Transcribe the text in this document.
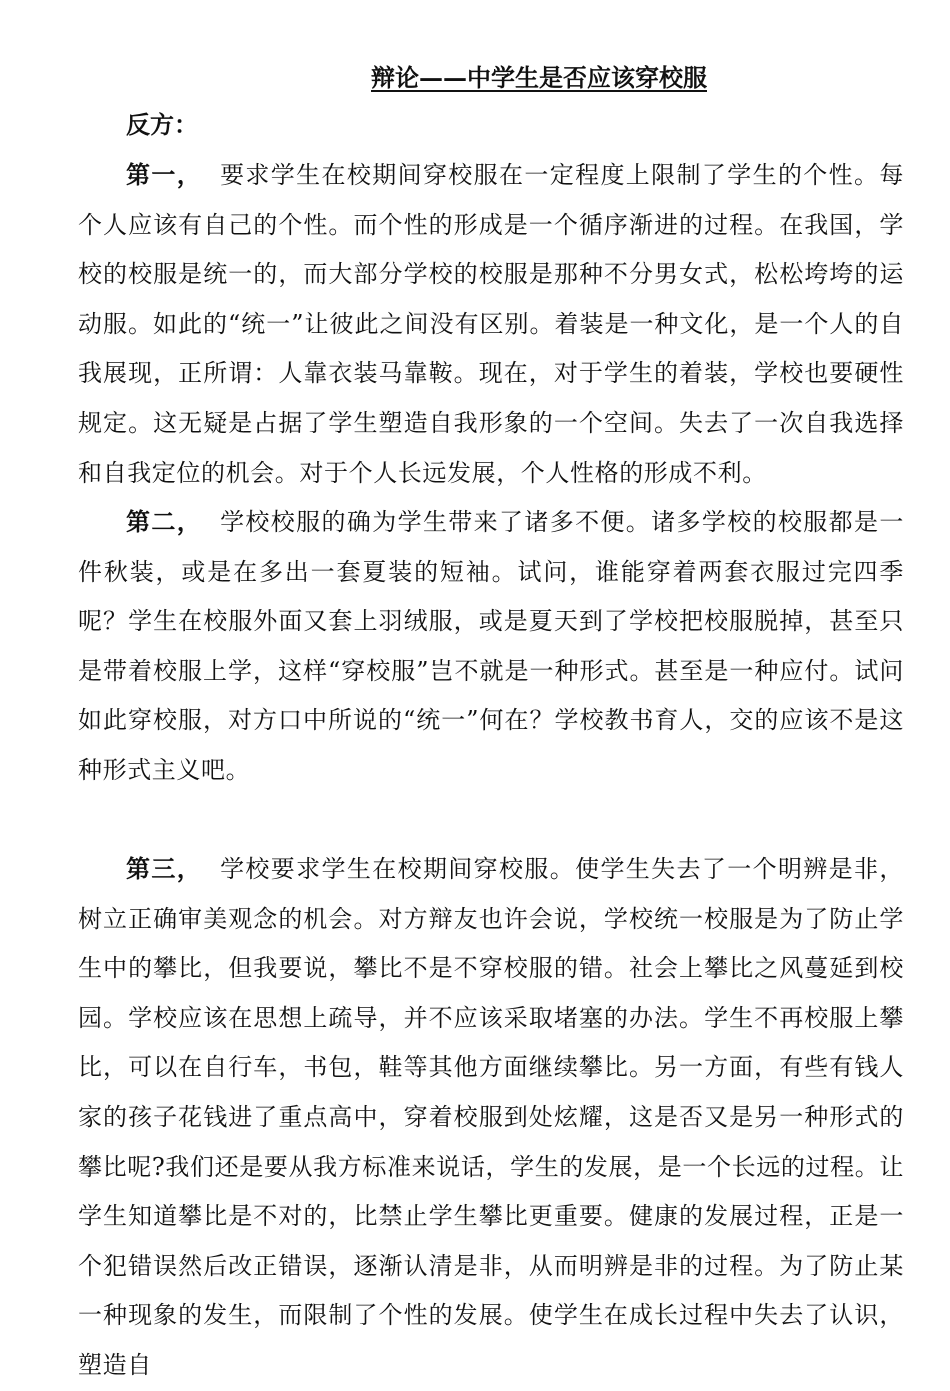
辩论——中学生是否应该穿校服

反方：

第一， 要求学生在校期间穿校服在一定程度上限制了学生的个性。每个人应该有自己的个性。而个性的形成是一个循序渐进的过程。在我国，学校的校服是统一的，而大部分学校的校服是那种不分男女式，松松垮垮的运动服。如此的“统一”让彼此之间没有区别。着装是一种文化，是一个人的自我展现，正所谓：人靠衣装马靠鞍。现在，对于学生的着装，学校也要硬性规定。这无疑是占据了学生塑造自我形象的一个空间。失去了一次自我选择和自我定位的机会。对于个人长远发展，个人性格的形成不利。

第二， 学校校服的确为学生带来了诸多不便。诸多学校的校服都是一件秋装，或是在多出一套夏装的短袖。试问，谁能穿着两套衣服过完四季呢？学生在校服外面又套上羽绒服，或是夏天到了学校把校服脱掉，甚至只是带着校服上学，这样“穿校服”岂不就是一种形式。甚至是一种应付。试问如此穿校服，对方口中所说的“统一”何在？学校教书育人，交的应该不是这种形式主义吧。

第三， 学校要求学生在校期间穿校服。使学生失去了一个明辨是非，树立正确审美观念的机会。对方辩友也许会说，学校统一校服是为了防止学生中的攀比，但我要说，攀比不是不穿校服的错。社会上攀比之风蔓延到校园。学校应该在思想上疏导，并不应该采取堵塞的办法。学生不再校服上攀比，可以在自行车，书包，鞋等其他方面继续攀比。另一方面，有些有钱人家的孩子花钱进了重点高中，穿着校服到处炫耀，这是否又是另一种形式的攀比呢?我们还是要从我方标准来说话，学生的发展，是一个长远的过程。让学生知道攀比是不对的，比禁止学生攀比更重要。健康的发展过程，正是一个犯错误然后改正错误，逐渐认清是非，从而明辨是非的过程。为了防止某一种现象的发生，而限制了个性的发展。使学生在成长过程中失去了认识，塑造自
